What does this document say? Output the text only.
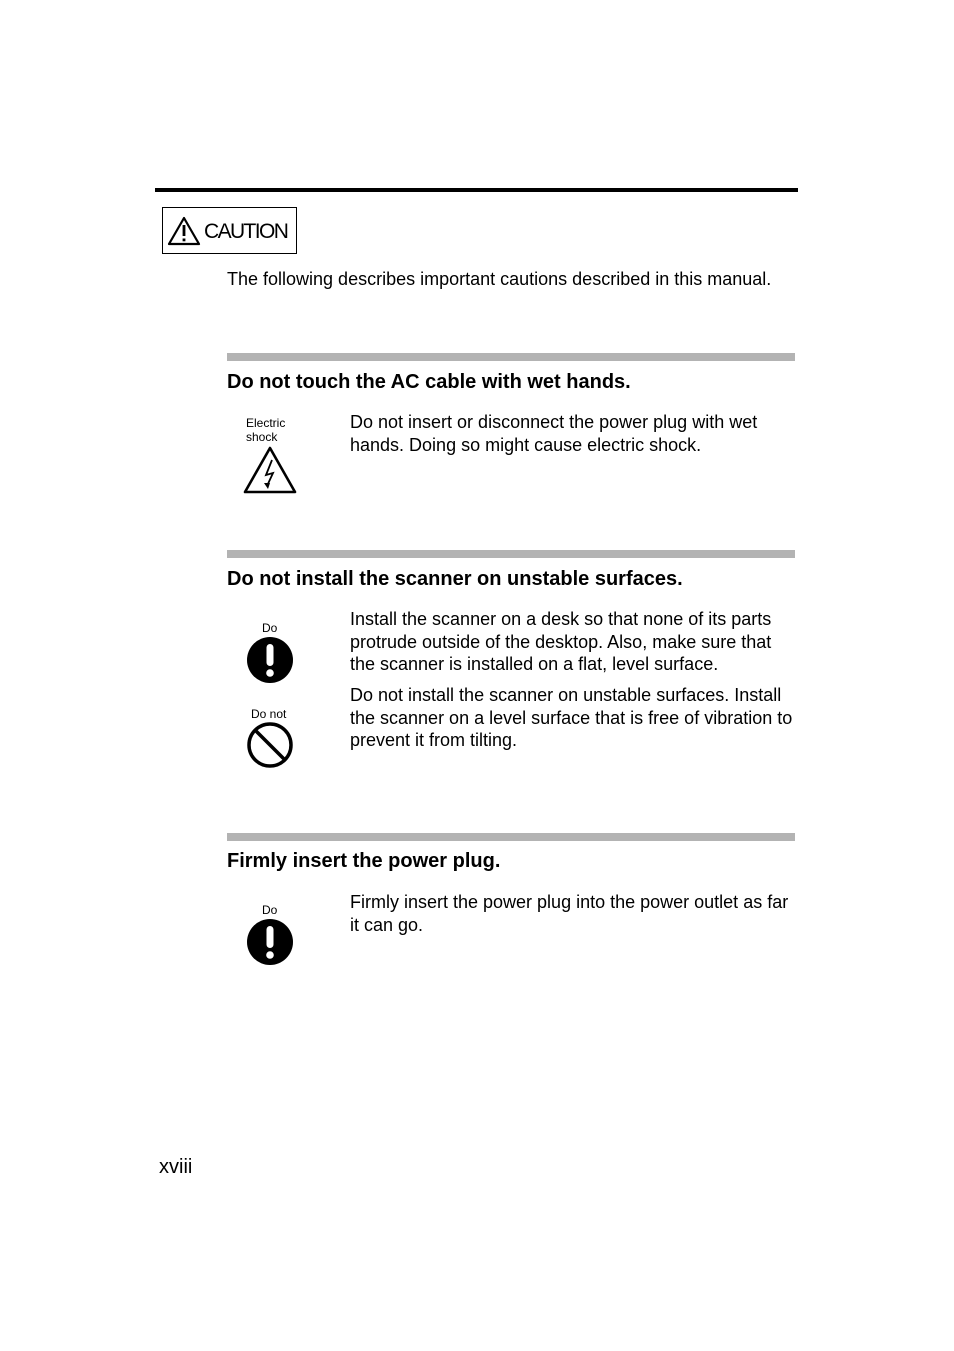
CAUTION

The following describes important cautions described in this manual.

Do not touch the AC cable with wet hands.
Electric
shock

Do not insert or disconnect the power plug with wet hands. Doing so might cause electric shock.

Do not install the scanner on unstable surfaces.
Do	Install the scanner on a desk so that none of its parts protrude outside of the desktop. Also, make sure that the scanner is installed on a flat, level surface.

Do not

Do not install the scanner on unstable surfaces. Install the scanner on a level surface that is free of vibration to prevent it from tilting.

Firmly insert the power plug.
Do	Firmly insert the power plug into the power outlet as far it can go.

xviii
